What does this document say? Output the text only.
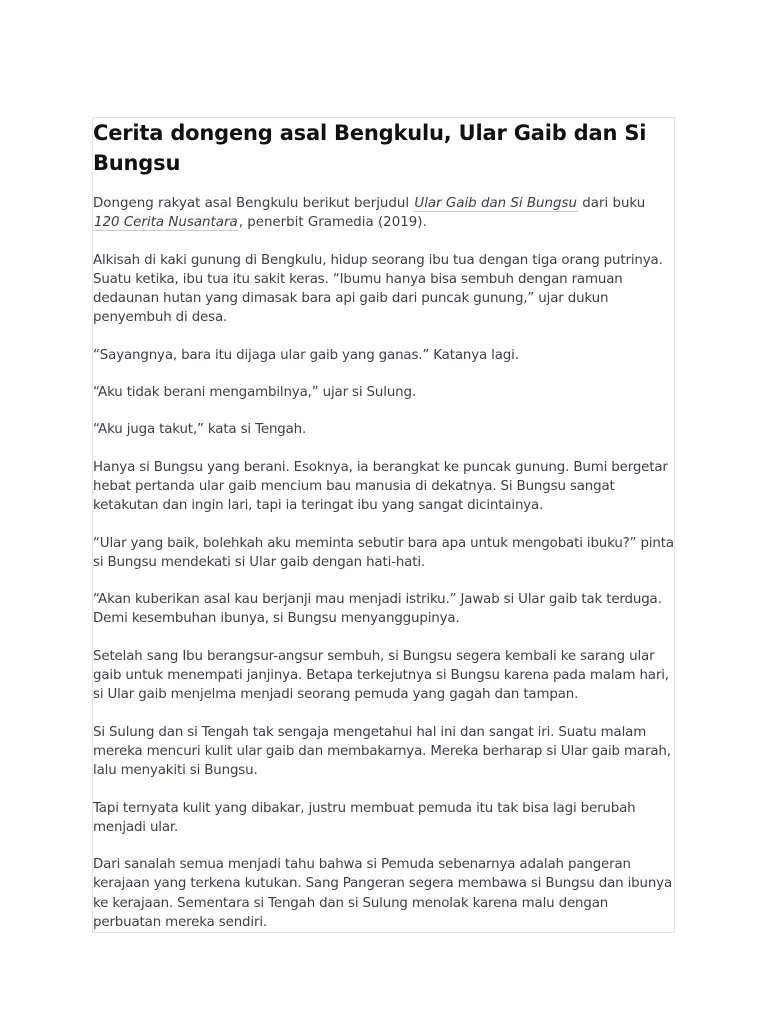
Cerita dongeng asal Bengkulu, Ular Gaib dan Si Bungsu

Dongeng rakyat asal Bengkulu berikut berjudul Ular Gaib dan Si Bungsu dari buku 120 Cerita Nusantara, penerbit Gramedia (2019).

Alkisah di kaki gunung di Bengkulu, hidup seorang ibu tua dengan tiga orang putrinya. Suatu ketika, ibu tua itu sakit keras. “Ibumu hanya bisa sembuh dengan ramuan dedaunan hutan yang dimasak bara api gaib dari puncak gunung,” ujar dukun penyembuh di desa.

“Sayangnya, bara itu dijaga ular gaib yang ganas.” Katanya lagi.

“Aku tidak berani mengambilnya,” ujar si Sulung.

“Aku juga takut,” kata si Tengah.

Hanya si Bungsu yang berani. Esoknya, ia berangkat ke puncak gunung. Bumi bergetar hebat pertanda ular gaib mencium bau manusia di dekatnya. Si Bungsu sangat ketakutan dan ingin lari, tapi ia teringat ibu yang sangat dicintainya.

“Ular yang baik, bolehkah aku meminta sebutir bara apa untuk mengobati ibuku?” pinta si Bungsu mendekati si Ular gaib dengan hati-hati.

“Akan kuberikan asal kau berjanji mau menjadi istriku.” Jawab si Ular gaib tak terduga. Demi kesembuhan ibunya, si Bungsu menyanggupinya.

Setelah sang Ibu berangsur-angsur sembuh, si Bungsu segera kembali ke sarang ular gaib untuk menempati janjinya. Betapa terkejutnya si Bungsu karena pada malam hari, si Ular gaib menjelma menjadi seorang pemuda yang gagah dan tampan.

Si Sulung dan si Tengah tak sengaja mengetahui hal ini dan sangat iri. Suatu malam mereka mencuri kulit ular gaib dan membakarnya. Mereka berharap si Ular gaib marah, lalu menyakiti si Bungsu.

Tapi ternyata kulit yang dibakar, justru membuat pemuda itu tak bisa lagi berubah menjadi ular.

Dari sanalah semua menjadi tahu bahwa si Pemuda sebenarnya adalah pangeran kerajaan yang terkena kutukan. Sang Pangeran segera membawa si Bungsu dan ibunya ke kerajaan. Sementara si Tengah dan si Sulung menolak karena malu dengan perbuatan mereka sendiri.
